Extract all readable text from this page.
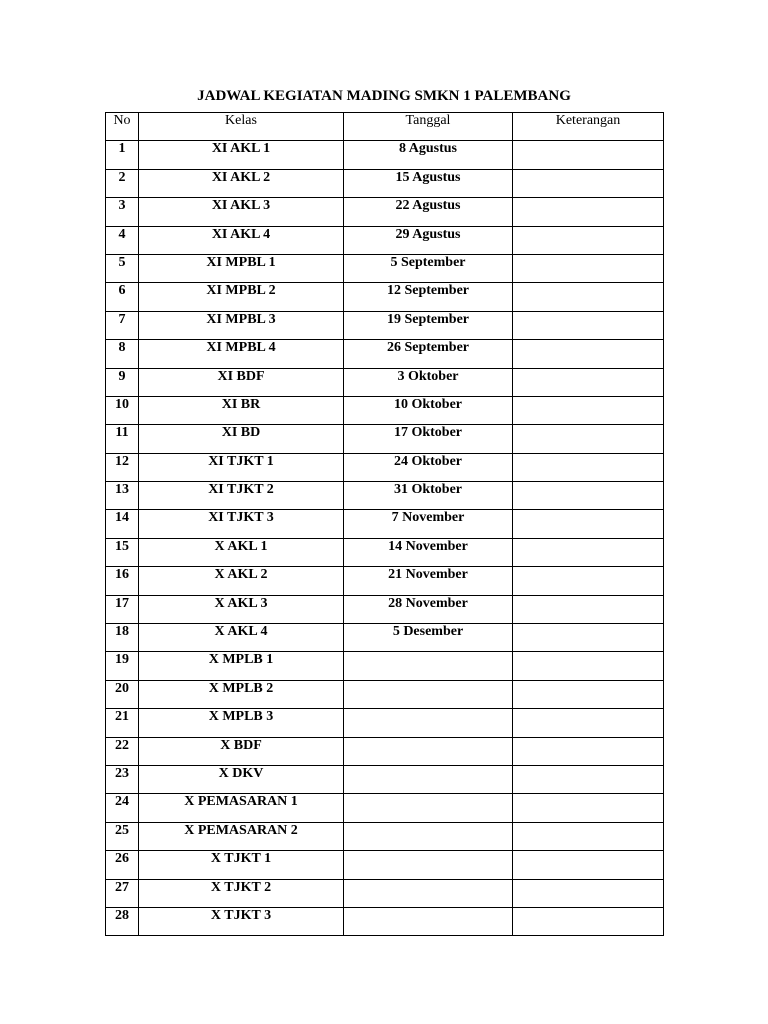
JADWAL KEGIATAN MADING SMKN 1 PALEMBANG
No	Kelas	Tanggal	Keterangan
1	XI AKL 1	8 Agustus	
2	XI AKL 2	15 Agustus	
3	XI AKL 3	22 Agustus	
4	XI AKL 4	29 Agustus	
5	XI MPBL 1	5 September	
6	XI MPBL 2	12 September	
7	XI MPBL 3	19 September	
8	XI MPBL 4	26 September	
9	XI BDF	3 Oktober	
10	XI BR	10 Oktober	
11	XI BD	17 Oktober	
12	XI TJKT 1	24 Oktober	
13	XI TJKT 2	31 Oktober	
14	XI TJKT 3	7 November	
15	X AKL 1	14 November	
16	X AKL 2	21 November	
17	X AKL 3	28 November	
18	X AKL 4	5 Desember	
19	X MPLB 1		
20	X MPLB 2		
21	X MPLB 3		
22	X BDF		
23	X DKV		
24	X PEMASARAN 1		
25	X PEMASARAN 2		
26	X TJKT 1		
27	X TJKT 2		
28	X TJKT 3		
